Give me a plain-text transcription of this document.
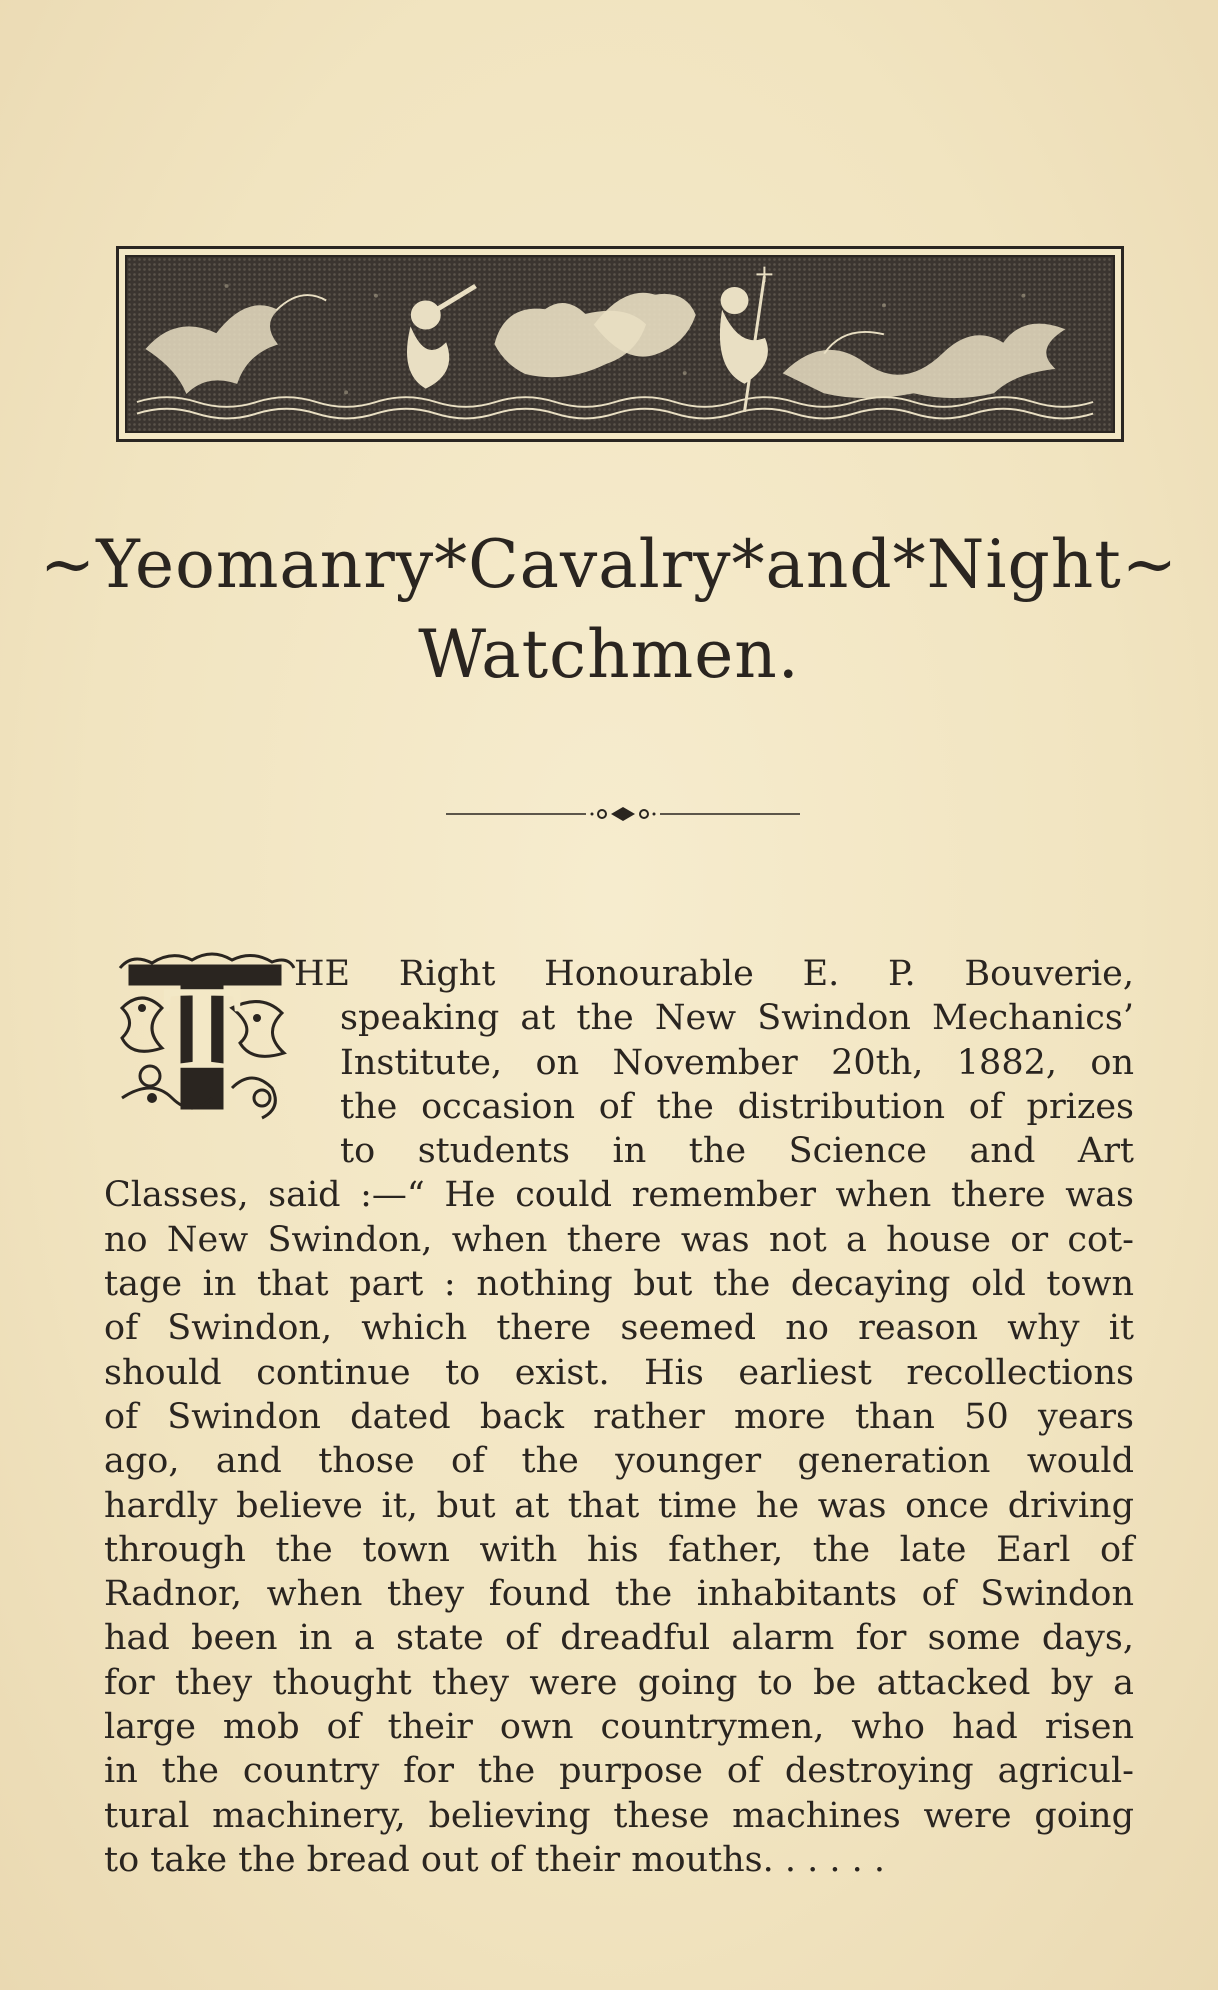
~Yeomanry*Cavalry*and*Night~
Watchmen.
T	HE Right Honourable E. P. Bouverie,
speaking at the New Swindon Mechanics’
Institute, on November 20th, 1882, on
the occasion of the distribution of prizes
to students in the Science and Art
Classes, said :—“ He could remember when there was
no New Swindon, when there was not a house or cot-
tage in that part : nothing but the decaying old town
of Swindon, which there seemed no reason why it
should continue to exist. His earliest recollections
of Swindon dated back rather more than 50 years
ago, and those of the younger generation would
hardly believe it, but at that time he was once driving
through the town with his father, the late Earl of
Radnor, when they found the inhabitants of Swindon
had been in a state of dreadful alarm for some days,
for they thought they were going to be attacked by a
large mob of their own countrymen, who had risen
in the country for the purpose of destroying agricul-
tural machinery, believing these machines were going
to take the bread out of their mouths. . . . . .
